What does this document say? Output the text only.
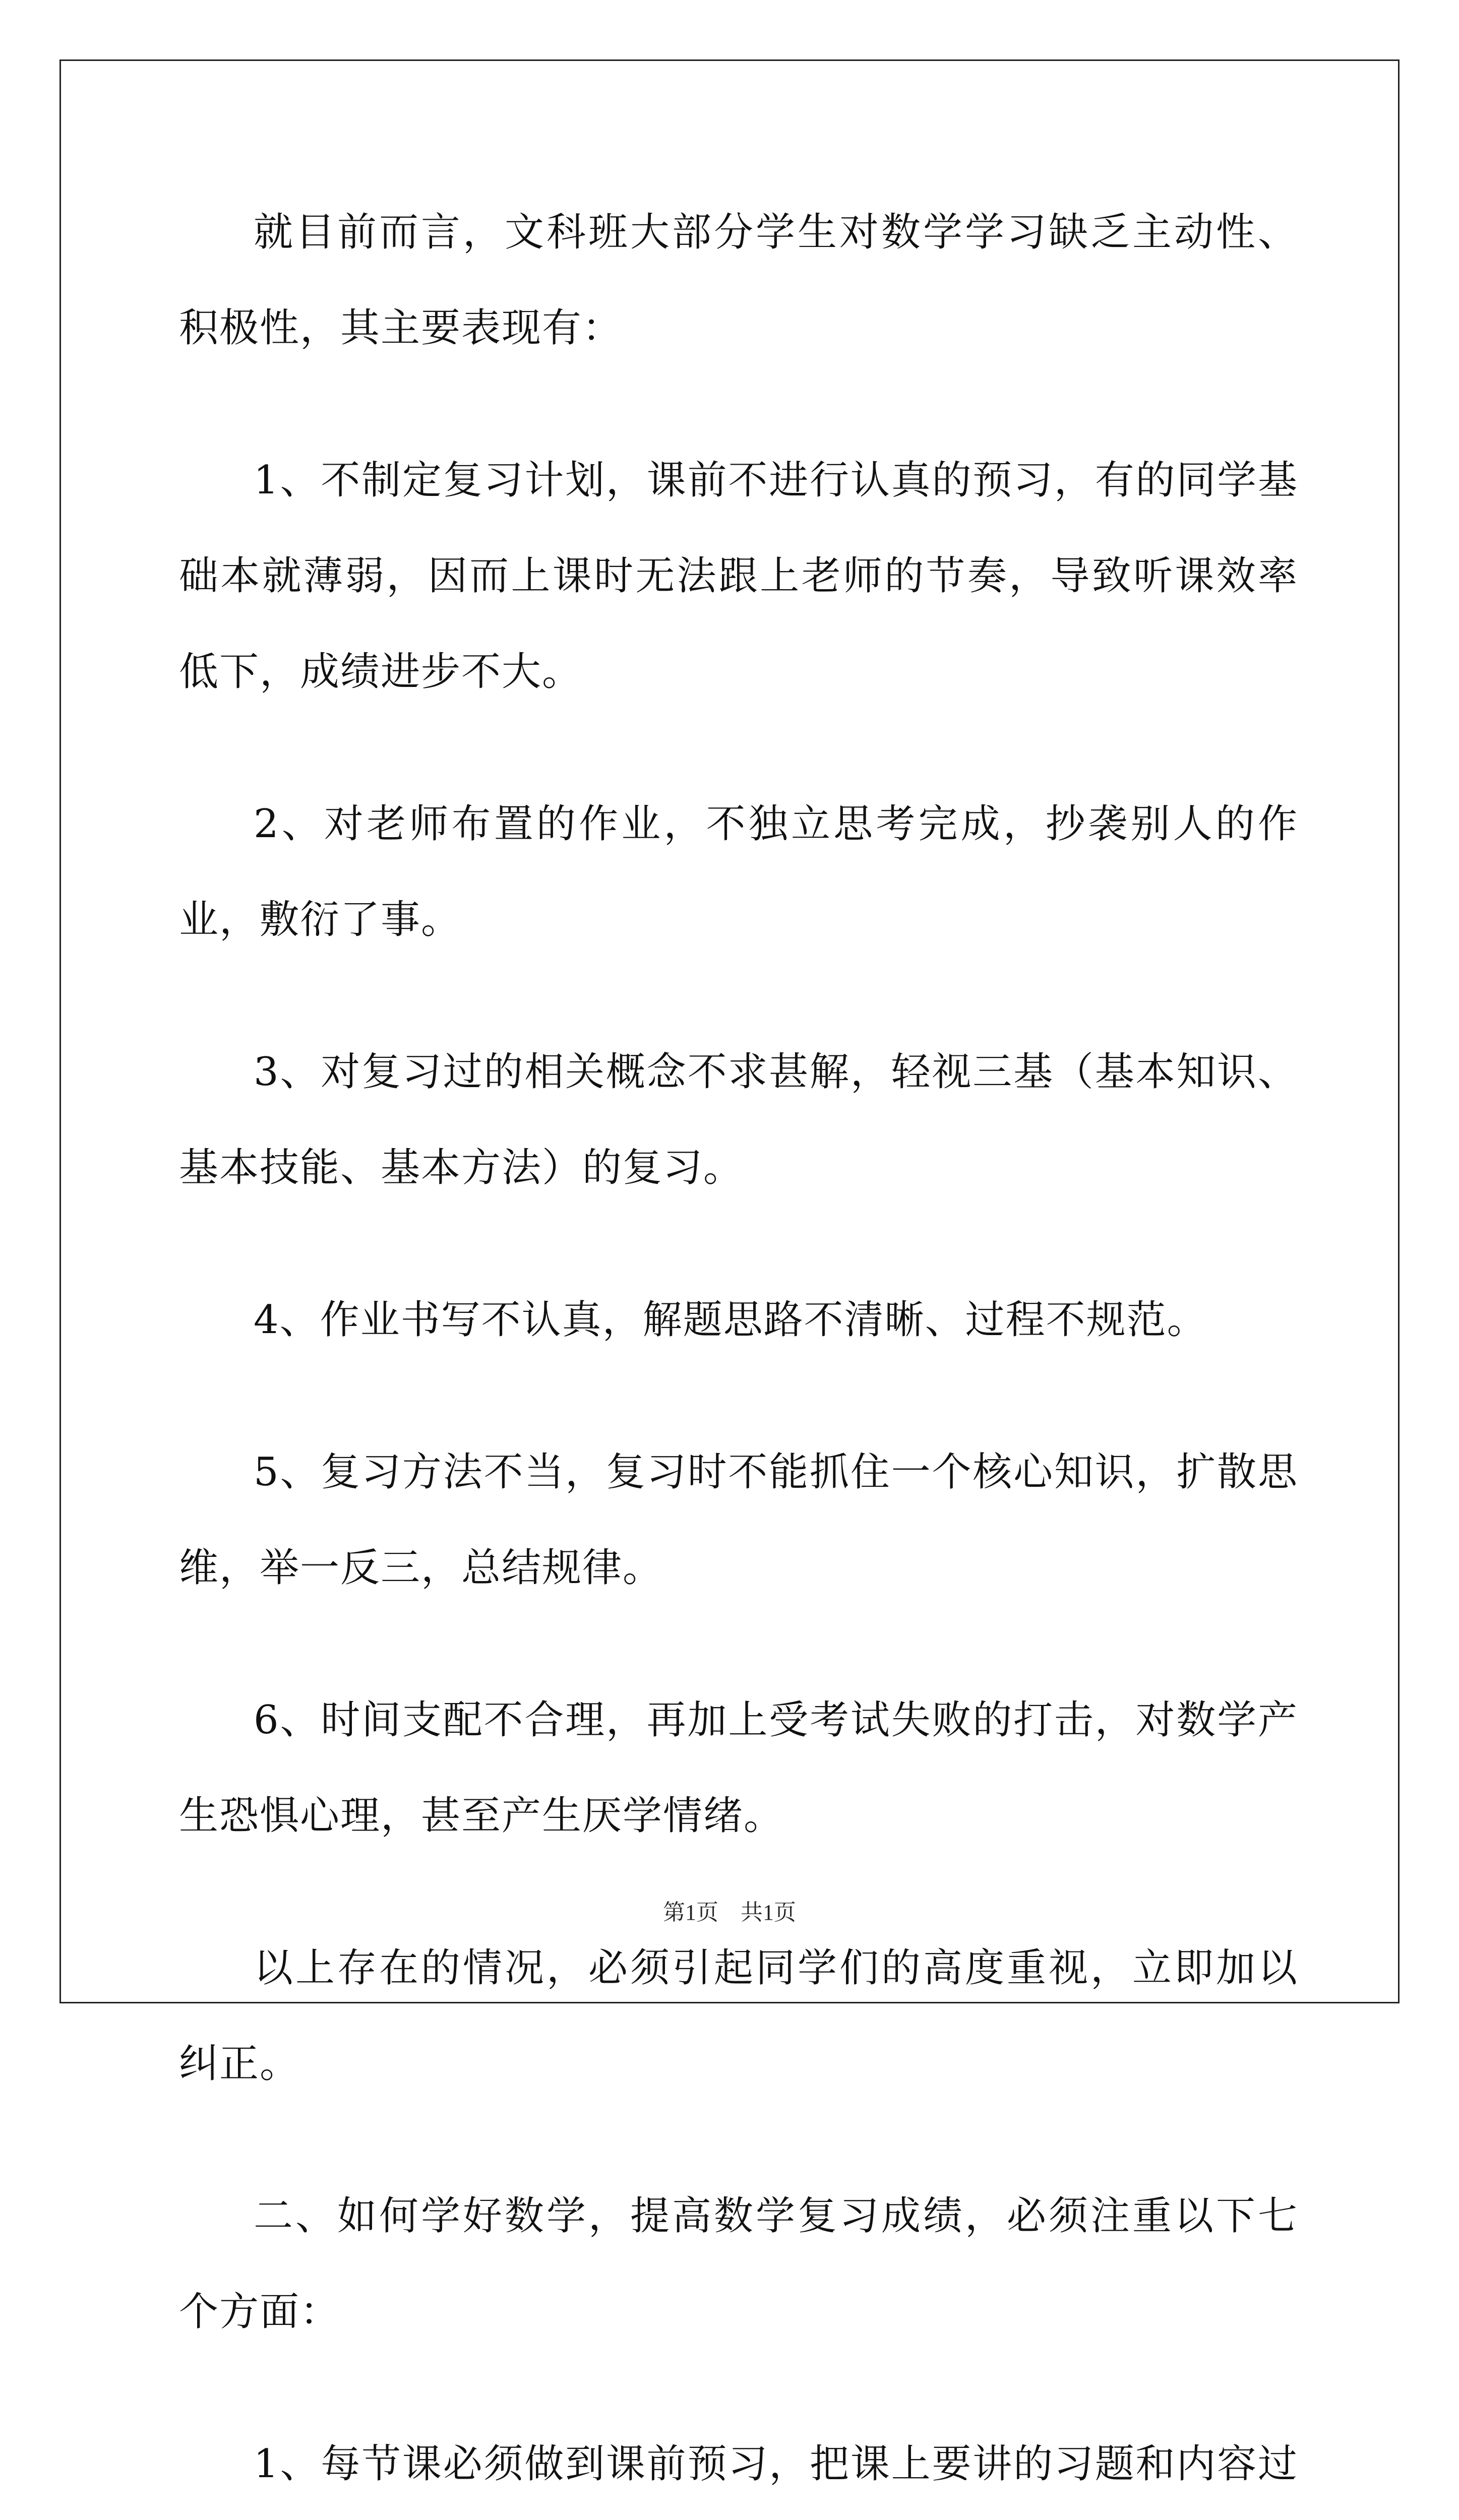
就目前而言，文科班大部分学生对数学学习缺乏主动性、积极性，其主要表现有：

1、不制定复习计划，课前不进行认真的预习，有的同学基础本就薄弱，因而上课时无法跟上老师的节奏，导致听课效率低下，成绩进步不大。

2、对老师布置的作业，不独立思考完成，抄袭别人的作业，敷衍了事。

3、对复习过的相关概念不求甚解，轻视三基（基本知识、基本技能、基本方法）的复习。

4、作业书写不认真，解题思路不清晰、过程不规范。

5、复习方法不当，复习时不能抓住一个核心知识，扩散思维，举一反三，总结规律。

6、时间支配不合理，再加上受考试失败的打击，对数学产生恐惧心理，甚至产生厌学情绪。

以上存在的情况，必须引起同学们的高度重视，立即加以纠正。

二、如何学好数学，提高数学复习成绩，必须注重以下七个方面：

1、每节课必须做到课前预习，把课上要讲的习题和内容过

第1页　共1页
